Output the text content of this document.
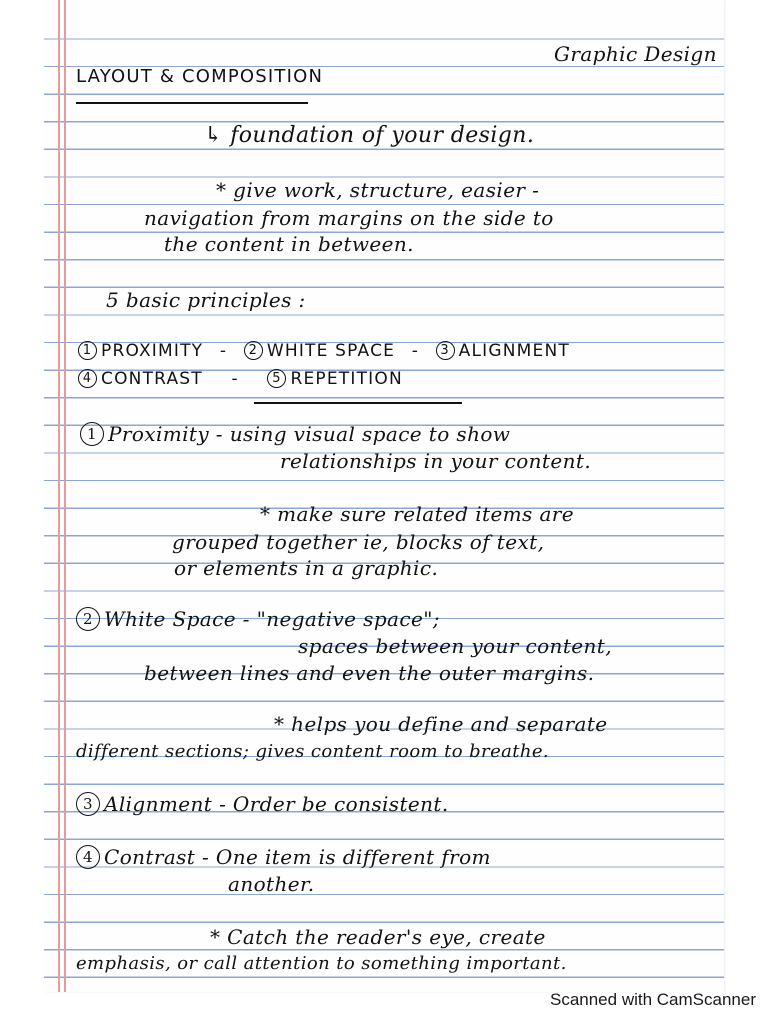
Graphic Design
LAYOUT & COMPOSITION
↳ foundation of your design.
* give work, structure, easier -
navigation from margins on the side to
the content in between.
5 basic principles :
1 PROXIMITY - 2 WHITE SPACE - 3 ALIGNMENT
4 CONTRAST -	5 REPETITION
1 Proximity - using visual space to show
relationships in your content.
* make sure related items are
grouped together ie, blocks of text,
or elements in a graphic.
2 White Space - "negative space";
spaces between your content,
between lines and even the outer margins.
* helps you define and separate
different sections; gives content room to breathe.
3 Alignment - Order be consistent.
4 Contrast - One item is different from
another.
* Catch the reader's eye, create
emphasis, or call attention to something important.
Scanned with CamScanner
